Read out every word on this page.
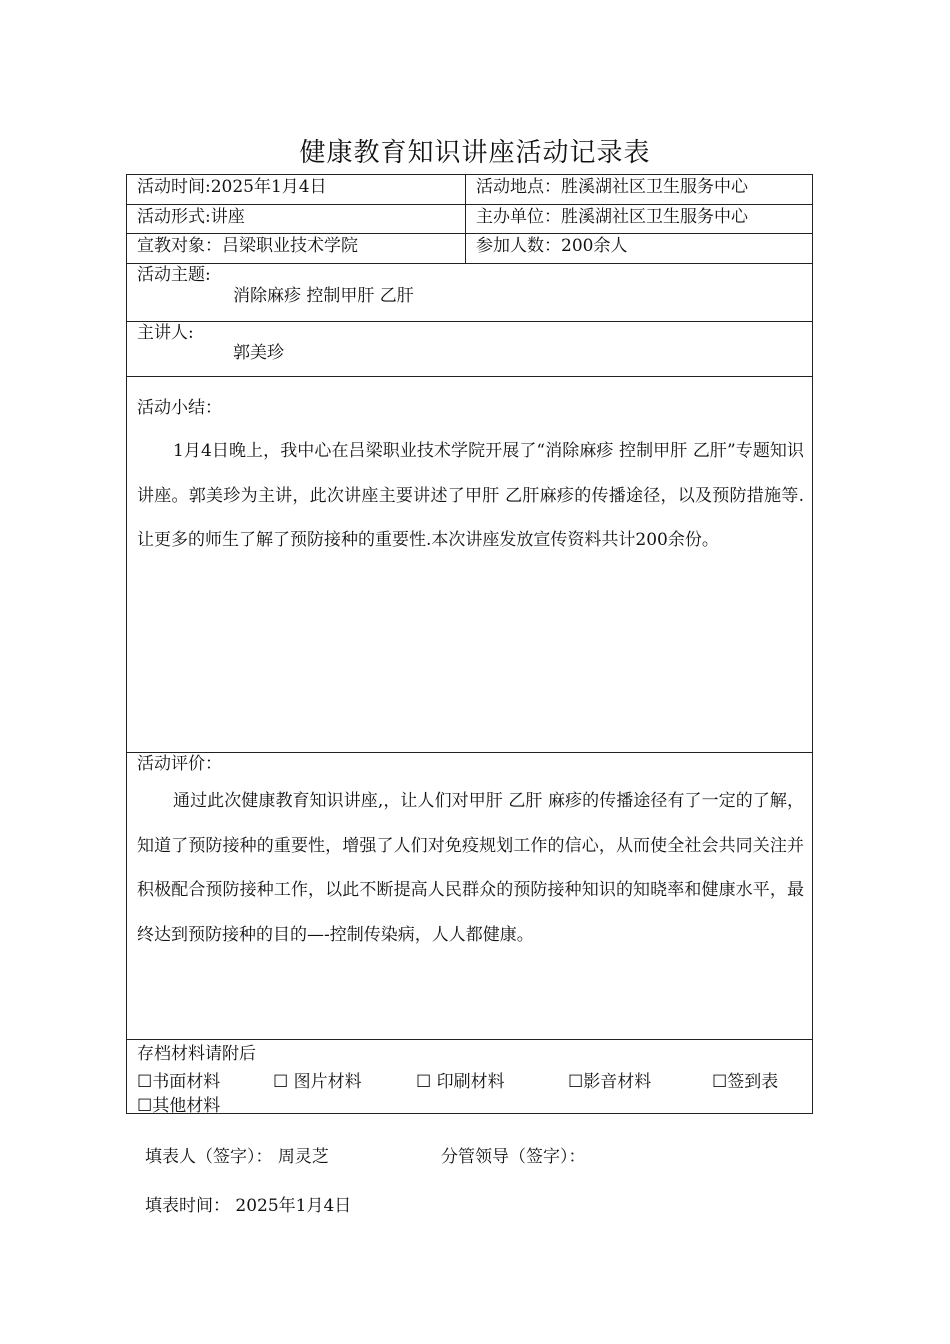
健康教育知识讲座活动记录表
活动时间:2025年1月4日	活动地点：胜溪湖社区卫生服务中心
活动形式:讲座	主办单位：胜溪湖社区卫生服务中心
宣教对象：吕梁职业技术学院	参加人数：200余人
活动主题:
消除麻疹 控制甲肝 乙肝
主讲人:
郭美珍
活动小结：
1月4日晚上，我中心在吕梁职业技术学院开展了“消除麻疹 控制甲肝 乙肝”专题知识讲座。郭美珍为主讲，此次讲座主要讲述了甲肝 乙肝麻疹的传播途径，以及预防措施等.让更多的师生了解了预防接种的重要性.本次讲座发放宣传资料共计200余份。
活动评价：
通过此次健康教育知识讲座,，让人们对甲肝 乙肝 麻疹的传播途径有了一定的了解，知道了预防接种的重要性，增强了人们对免疫规划工作的信心，从而使全社会共同关注并积极配合预防接种工作，以此不断提高人民群众的预防接种知识的知晓率和健康水平，最终达到预防接种的目的—-控制传染病，人人都健康。
存档材料请附后
☐书面材料	☐ 图片材料	☐ 印刷材料	☐影音材料	☐签到表
☐其他材料
填表人（签字）： 周灵芝	分管领导（签字）：
填表时间： 2025年1月4日
